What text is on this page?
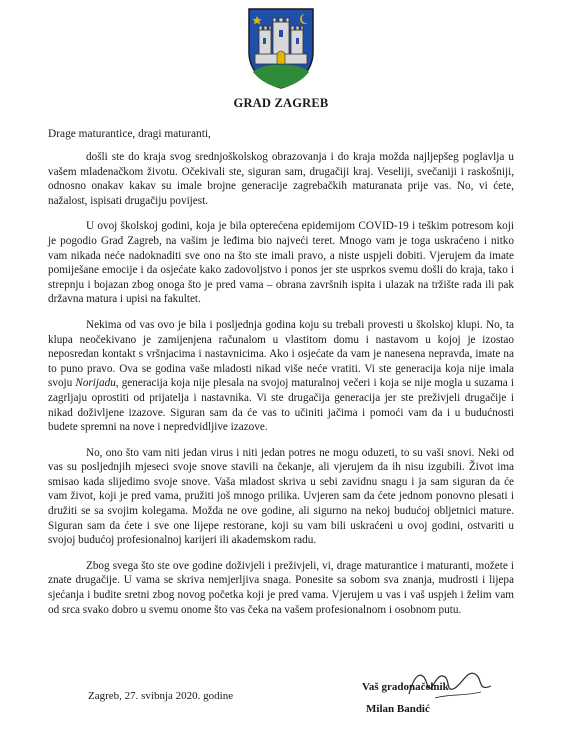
GRAD ZAGREB
Drage maturantice, dragi maturanti,

došli ste do kraja svog srednjoškolskog obrazovanja i do kraja možda najljepšeg poglavlja u vašem mladenačkom životu. Očekivali ste, siguran sam, drugačiji kraj. Veseliji, svečaniji i raskošniji, odnosno onakav kakav su imale brojne generacije zagrebačkih maturanata prije vas. No, vi ćete, nažalost, ispisati drugačiju povijest.

U ovoj školskoj godini, koja je bila opterećena epidemijom COVID-19 i teškim potresom koji je pogodio Grad Zagreb, na vašim je leđima bio najveći teret. Mnogo vam je toga uskraćeno i nitko vam nikada neće nadoknaditi sve ono na što ste imali pravo, a niste uspjeli dobiti. Vjerujem da imate pomiješane emocije i da osjećate kako zadovoljstvo i ponos jer ste usprkos svemu došli do kraja, tako i strepnju i bojazan zbog onoga što je pred vama – obrana završnih ispita i ulazak na tržište rada ili pak državna matura i upisi na fakultet.

Nekima od vas ovo je bila i posljednja godina koju su trebali provesti u školskoj klupi. No, ta klupa neočekivano je zamijenjena računalom u vlastitom domu i nastavom u kojoj je izostao neposredan kontakt s vršnjacima i nastavnicima. Ako i osjećate da vam je nanesena nepravda, imate na to puno pravo. Ova se godina vaše mladosti nikad više neće vratiti. Vi ste generacija koja nije imala svoju Norijadu, generacija koja nije plesala na svojoj maturalnoj večeri i koja se nije mogla u suzama i zagrljaju oprostiti od prijatelja i nastavnika. Vi ste drugačija generacija jer ste preživjeli drugačije i nikad doživljene izazove. Siguran sam da će vas to učiniti jačima i pomoći vam da i u budućnosti budete spremni na nove i nepredvidljive izazove.

No, ono što vam niti jedan virus i niti jedan potres ne mogu oduzeti, to su vaši snovi. Neki od vas su posljednjih mjeseci svoje snove stavili na čekanje, ali vjerujem da ih nisu izgubili. Život ima smisao kada slijedimo svoje snove. Vaša mladost skriva u sebi zavidnu snagu i ja sam siguran da će vam život, koji je pred vama, pružiti još mnogo prilika. Uvjeren sam da ćete jednom ponovno plesati i družiti se sa svojim kolegama. Možda ne ove godine, ali sigurno na nekoj budućoj obljetnici mature. Siguran sam da ćete i sve one lijepe restorane, koji su vam bili uskraćeni u ovoj godini, ostvariti u svojoj budućoj profesionalnoj karijeri ili akademskom radu.

Zbog svega što ste ove godine doživjeli i preživjeli, vi, drage maturantice i maturanti, možete i znate drugačije. U vama se skriva nemjerljiva snaga. Ponesite sa sobom sva znanja, mudrosti i lijepa sjećanja i budite sretni zbog novog početka koji je pred vama. Vjerujem u vas i vaš uspjeh i želim vam od srca svako dobro u svemu onome što vas čeka na vašem profesionalnom i osobnom putu.

Zagreb, 27. svibnja 2020. godine
Vaš gradonačelnik
Milan Bandić
